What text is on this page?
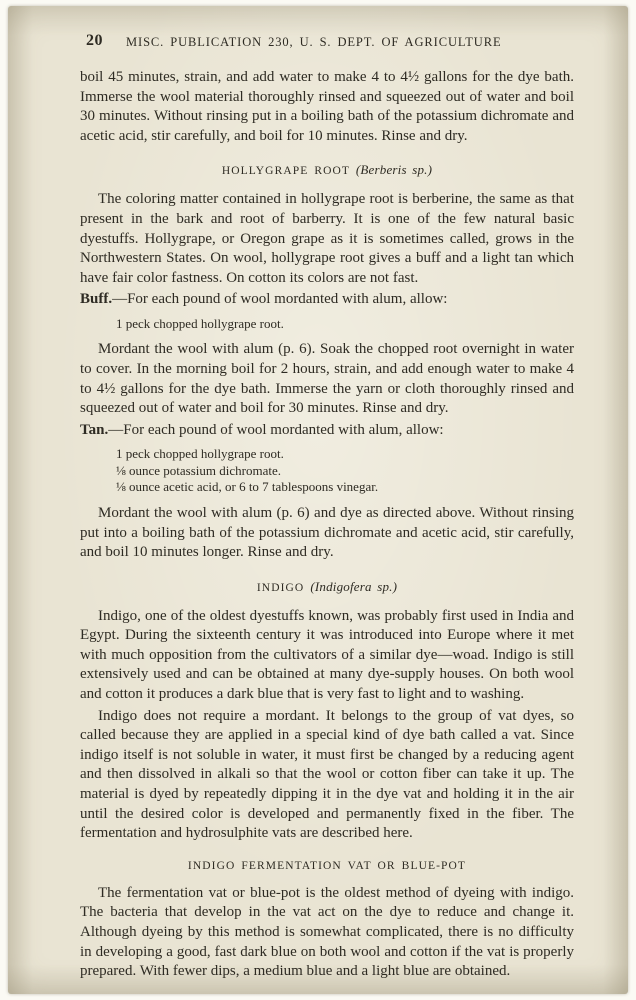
20 MISC. PUBLICATION 230, U. S. DEPT. OF AGRICULTURE

boil 45 minutes, strain, and add water to make 4 to 4½ gallons for the dye bath. Immerse the wool material thoroughly rinsed and squeezed out of water and boil 30 minutes. Without rinsing put in a boiling bath of the potassium dichromate and acetic acid, stir carefully, and boil for 10 minutes. Rinse and dry.

HOLLYGRAPE ROOT (Berberis sp.)

The coloring matter contained in hollygrape root is berberine, the same as that present in the bark and root of barberry. It is one of the few natural basic dyestuffs. Hollygrape, or Oregon grape as it is sometimes called, grows in the Northwestern States. On wool, hollygrape root gives a buff and a light tan which have fair color fastness. On cotton its colors are not fast.

Buff.—For each pound of wool mordanted with alum, allow:

1 peck chopped hollygrape root.

Mordant the wool with alum (p. 6). Soak the chopped root overnight in water to cover. In the morning boil for 2 hours, strain, and add enough water to make 4 to 4½ gallons for the dye bath. Immerse the yarn or cloth thoroughly rinsed and squeezed out of water and boil for 30 minutes. Rinse and dry.

Tan.—For each pound of wool mordanted with alum, allow:

1 peck chopped hollygrape root.
⅛ ounce potassium dichromate.
⅛ ounce acetic acid, or 6 to 7 tablespoons vinegar.

Mordant the wool with alum (p. 6) and dye as directed above. Without rinsing put into a boiling bath of the potassium dichromate and acetic acid, stir carefully, and boil 10 minutes longer. Rinse and dry.

INDIGO (Indigofera sp.)

Indigo, one of the oldest dyestuffs known, was probably first used in India and Egypt. During the sixteenth century it was introduced into Europe where it met with much opposition from the cultivators of a similar dye—woad. Indigo is still extensively used and can be obtained at many dye-supply houses. On both wool and cotton it produces a dark blue that is very fast to light and to washing.

Indigo does not require a mordant. It belongs to the group of vat dyes, so called because they are applied in a special kind of dye bath called a vat. Since indigo itself is not soluble in water, it must first be changed by a reducing agent and then dissolved in alkali so that the wool or cotton fiber can take it up. The material is dyed by repeatedly dipping it in the dye vat and holding it in the air until the desired color is developed and permanently fixed in the fiber. The fermentation and hydrosulphite vats are described here.

INDIGO FERMENTATION VAT OR BLUE-POT

The fermentation vat or blue-pot is the oldest method of dyeing with indigo. The bacteria that develop in the vat act on the dye to reduce and change it. Although dyeing by this method is somewhat complicated, there is no difficulty in developing a good, fast dark blue on both wool and cotton if the vat is properly prepared. With fewer dips, a medium blue and a light blue are obtained.
